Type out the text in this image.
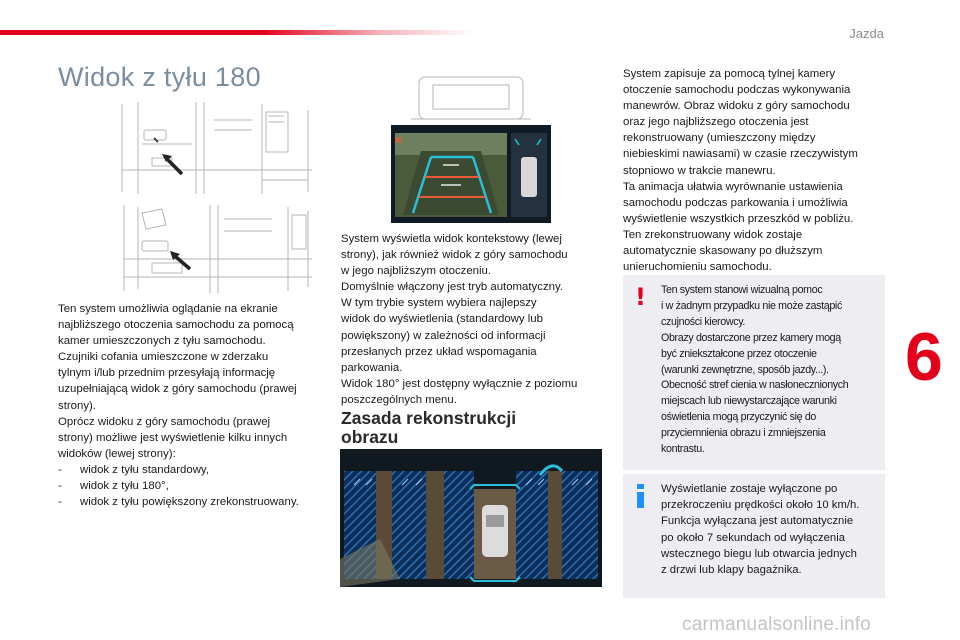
Jazda
Widok z tyłu 180
Ten system umożliwia oglądanie na ekranie
najbliższego otoczenia samochodu za pomocą
kamer umieszczonych z tyłu samochodu.
Czujniki cofania umieszczone w zderzaku
tylnym i/lub przednim przesyłają informację
uzupełniającą widok z góry samochodu (prawej
strony).
Oprócz widoku z góry samochodu (prawej
strony) możliwe jest wyświetlenie kilku innych
widoków (lewej strony):
-	widok z tyłu standardowy,
-	widok z tyłu 180°,
-	widok z tyłu powiększony zrekonstruowany.
System wyświetla widok kontekstowy (lewej
strony), jak również widok z góry samochodu
w jego najbliższym otoczeniu.
Domyślnie włączony jest tryb automatyczny.
W tym trybie system wybiera najlepszy
widok do wyświetlenia (standardowy lub
powiększony) w zależności od informacji
przesłanych przez układ wspomagania
parkowania.
Widok 180° jest dostępny wyłącznie z poziomu
poszczególnych menu.
Zasada rekonstrukcji
obrazu
System zapisuje za pomocą tylnej kamery
otoczenie samochodu podczas wykonywania
manewrów. Obraz widoku z góry samochodu
oraz jego najbliższego otoczenia jest
rekonstruowany (umieszczony między
niebieskimi nawiasami) w czasie rzeczywistym
stopniowo w trakcie manewru.
Ta animacja ułatwia wyrównanie ustawienia
samochodu podczas parkowania i umożliwia
wyświetlenie wszystkich przeszkód w pobliżu.
Ten zrekonstruowany widok zostaje
automatycznie skasowany po dłuższym
unieruchomieniu samochodu.
! Ten system stanowi wizualną pomoc
i w żadnym przypadku nie może zastąpić
czujności kierowcy.
Obrazy dostarczone przez kamery mogą
być zniekształcone przez otoczenie
(warunki zewnętrzne, sposób jazdy...).
Obecność stref cienia w nasłonecznionych
miejscach lub niewystarczające warunki
oświetlenia mogą przyczynić się do
przyciemnienia obrazu i zmniejszenia
kontrastu.
Wyświetlanie zostaje wyłączone po
przekroczeniu prędkości około 10 km/h.
Funkcja wyłączana jest automatycznie
po około 7 sekundach od wyłączenia
wstecznego biegu lub otwarcia jednych
z drzwi lub klapy bagażnika.
6
carmanualsonline.info
